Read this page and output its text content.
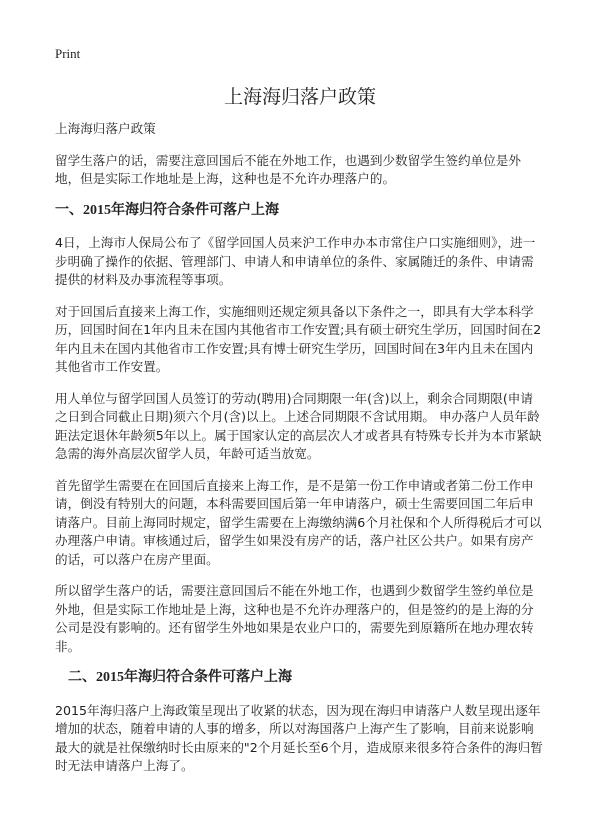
Print
上海海归落户政策

上海海归落户政策

留学生落户的话，需要注意回国后不能在外地工作，也遇到少数留学生签约单位是外地，但是实际工作地址是上海，这种也是不允许办理落户的。

一、2015年海归符合条件可落户上海

4日，上海市人保局公布了《留学回国人员来沪工作申办本市常住户口实施细则》，进一步明确了操作的依据、管理部门、申请人和申请单位的条件、家属随迁的条件、申请需提供的材料及办事流程等事项。

对于回国后直接来上海工作，实施细则还规定须具备以下条件之一，即具有大学本科学历，回国时间在1年内且未在国内其他省市工作安置;具有硕士研究生学历，回国时间在2年内且未在国内其他省市工作安置;具有博士研究生学历，回国时间在3年内且未在国内其他省市工作安置。

用人单位与留学回国人员签订的劳动(聘用)合同期限一年(含)以上，剩余合同期限(申请之日到合同截止日期)须六个月(含)以上。上述合同期限不含试用期。 申办落户人员年龄距法定退休年龄须5年以上。属于国家认定的高层次人才或者具有特殊专长并为本市紧缺急需的海外高层次留学人员，年龄可适当放宽。

首先留学生需要在在回国后直接来上海工作，是不是第一份工作申请或者第二份工作申请，倒没有特别大的问题，本科需要回国后第一年申请落户，硕士生需要回国二年后申请落户。目前上海同时规定，留学生需要在上海缴纳满6个月社保和个人所得税后才可以办理落户申请。审核通过后，留学生如果没有房产的话，落户社区公共户。如果有房产的话，可以落户在房产里面。

所以留学生落户的话，需要注意回国后不能在外地工作，也遇到少数留学生签约单位是外地，但是实际工作地址是上海，这种也是不允许办理落户的，但是签约的是上海的分公司是没有影响的。还有留学生外地如果是农业户口的，需要先到原籍所在地办理农转非。

二、2015年海归符合条件可落户上海

2015年海归落户上海政策呈现出了收紧的状态，因为现在海归申请落户人数呈现出逐年增加的状态，随着申请的人事的增多，所以对海国落户上海产生了影响，目前来说影响最大的就是社保缴纳时长由原来的"2个月延长至6个月，造成原来很多符合条件的海归暂时无法申请落户上海了。
